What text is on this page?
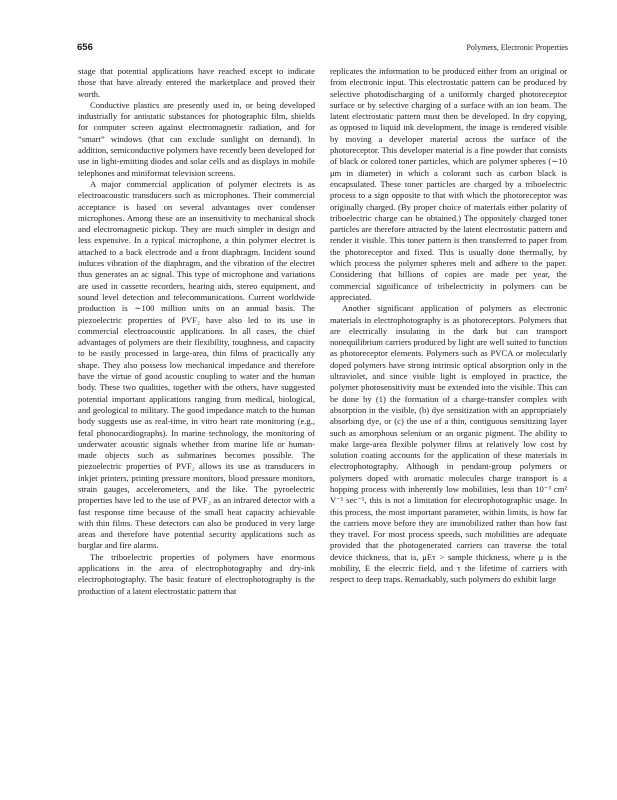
656	Polymers, Electronic Properties

stage that potential applications have reached except to indicate those that have already entered the marketplace and proved their worth.

Conductive plastics are presently used in, or being developed industrially for antistatic substances for photographic film, shields for computer screen against electromagnetic radiation, and for “smart” windows (that can exclude sunlight on demand). In addition, semiconductive polymers have recently been developed for use in light-emitting diodes and solar cells and as displays in mobile telephones and miniformat television screens.

A major commercial application of polymer electrets is as electroacoustic transducers such as microphones. Their commercial acceptance is based on several advantages over condenser microphones. Among these are an insensitivity to mechanical shock and electromagnetic pickup. They are much simpler in design and less expensive. In a typical microphone, a thin polymer electret is attached to a back electrode and a front diaphragm. Incident sound induces vibration of the diaphragm, and the vibration of the electret thus generates an ac signal. This type of microphone and variations are used in cassette recorders, hearing aids, stereo equipment, and sound level detection and telecommunications. Current worldwide production is ∼100 million units on an annual basis. The piezoelectric properties of PVF₂ have also led to its use in commercial electroacoustic applications. In all cases, the chief advantages of polymers are their flexibility, toughness, and capacity to be easily processed in large-area, thin films of practically any shape. They also possess low mechanical impedance and therefore have the virtue of good acoustic coupling to water and the human body. These two qualities, together with the others, have suggested potential important applications ranging from medical, biological, and geological to military. The good impedance match to the human body suggests use as real-time, in vitro heart rate monitoring (e.g., fetal phonocardiographs). In marine technology, the monitoring of underwater acoustic signals whether from marine life or human-made objects such as submarines becomes possible. The piezoelectric properties of PVF₂ allows its use as transducers in inkjet printers, printing pressure monitors, blood pressure monitors, strain gauges, accelerometers, and the like. The pyroelectric properties have led to the use of PVF₂ as an infrared detector with a fast response time because of the small heat capacity achievable with thin films. These detectors can also be produced in very large areas and therefore have potential security applications such as burglar and fire alarms.

The triboelectric properties of polymers have enormous applications in the area of electrophotography and dry-ink electrophotography. The basic feature of electrophotography is the production of a latent electrostatic pattern that

replicates the information to be produced either from an original or from electronic input. This electrostatic pattern can be produced by selective photodischarging of a uniformly charged photoreceptor surface or by selective charging of a surface with an ion beam. The latent electrostatic pattern must then be developed. In dry copying, as opposed to liquid ink development, the image is rendered visible by moving a developer material across the surface of the photoreceptor. This developer material is a fine powder that consists of black or colored toner particles, which are polymer spheres (∼10 μm in diameter) in which a colorant such as carbon black is encapsulated. These toner particles are charged by a triboelectric process to a sign opposite to that with which the photoreceptor was originally charged. (By proper choice of materials either polarity of triboelectric charge can be obtained.) The oppositely charged toner particles are therefore attracted by the latent electrostatic pattern and render it visible. This toner pattern is then transferred to paper from the photoreceptor and fixed. This is usually done thermally, by which process the polymer spheres melt and adhere to the paper. Considering that billions of copies are made per year, the commercial significance of tribelectricity in polymers can be appreciated.

Another significant application of polymers as electronic materials in electrophotography is as photoreceptors. Polymers that are electrically insulating in the dark but can transport nonequilibrium carriers produced by light are well suited to function as photoreceptor elements. Polymers such as PVCA or molecularly doped polymers have strong intrinsic optical absorption only in the ultraviolet, and since visible light is employed in practice, the polymer photosensitivity must be extended into the visible. This can be done by (1) the formation of a charge-transfer complex with absorption in the visible, (b) dye sensitization with an appropriately absorbing dye, or (c) the use of a thin, contiguous sensitizing layer such as amorphous selenium or an organic pigment. The ability to make large-area flexible polymer films at relatively low cost by solution coating accounts for the application of these materials in electrophotography. Although in pendant-group polymers or polymers doped with aromatic molecules charge transport is a hopping process with inherently low mobilities, less than 10⁻³ cm² V⁻¹ sec⁻¹, this is not a limitation for electrophotographic usage. In this process, the most important parameter, within limits, is how far the carriers move before they are immobilized rather than how fast they travel. For most process speeds, such mobilities are adequate provided that the photogenerated carriers can traverse the total device thickness, that is, μEτ > sample thickness, where μ is the mobility, E the electric field, and τ the lifetime of carriers with respect to deep traps. Remarkably, such polymers do exhibit large
